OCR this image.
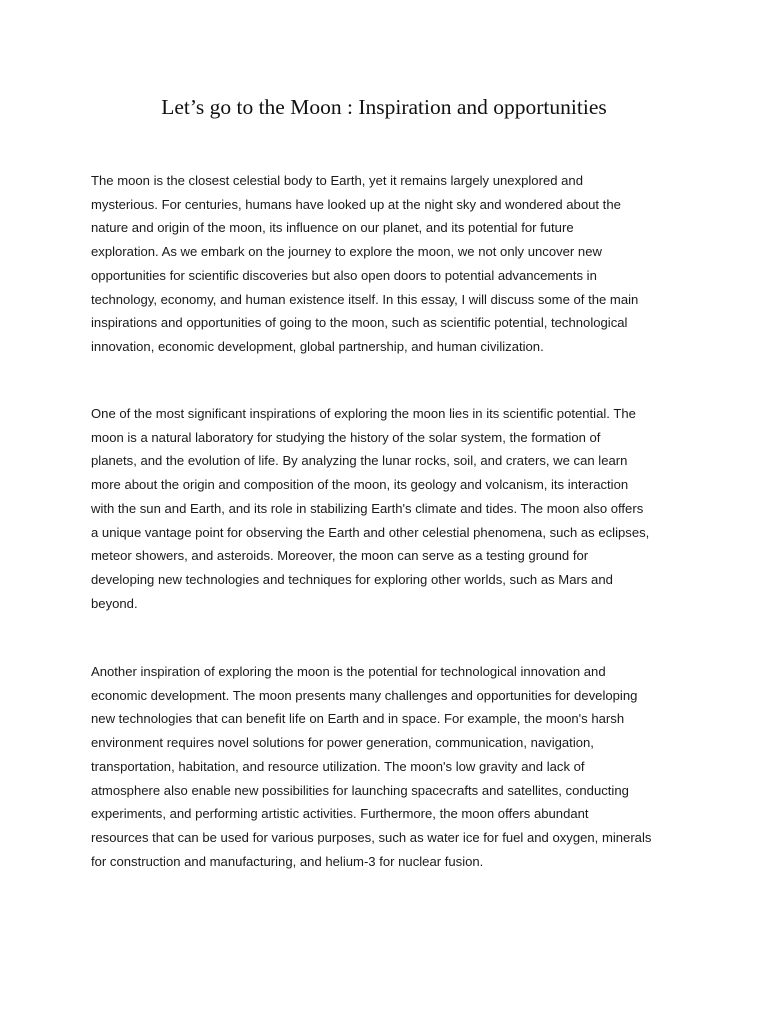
Let’s go to the Moon : Inspiration and opportunities

The moon is the closest celestial body to Earth, yet it remains largely unexplored and
mysterious. For centuries, humans have looked up at the night sky and wondered about the
nature and origin of the moon, its influence on our planet, and its potential for future
exploration. As we embark on the journey to explore the moon, we not only uncover new
opportunities for scientific discoveries but also open doors to potential advancements in
technology, economy, and human existence itself. In this essay, I will discuss some of the main
inspirations and opportunities of going to the moon, such as scientific potential, technological
innovation, economic development, global partnership, and human civilization.

One of the most significant inspirations of exploring the moon lies in its scientific potential. The
moon is a natural laboratory for studying the history of the solar system, the formation of
planets, and the evolution of life. By analyzing the lunar rocks, soil, and craters, we can learn
more about the origin and composition of the moon, its geology and volcanism, its interaction
with the sun and Earth, and its role in stabilizing Earth's climate and tides. The moon also offers
a unique vantage point for observing the Earth and other celestial phenomena, such as eclipses,
meteor showers, and asteroids. Moreover, the moon can serve as a testing ground for
developing new technologies and techniques for exploring other worlds, such as Mars and
beyond.

Another inspiration of exploring the moon is the potential for technological innovation and
economic development. The moon presents many challenges and opportunities for developing
new technologies that can benefit life on Earth and in space. For example, the moon's harsh
environment requires novel solutions for power generation, communication, navigation,
transportation, habitation, and resource utilization. The moon's low gravity and lack of
atmosphere also enable new possibilities for launching spacecrafts and satellites, conducting
experiments, and performing artistic activities. Furthermore, the moon offers abundant
resources that can be used for various purposes, such as water ice for fuel and oxygen, minerals
for construction and manufacturing, and helium-3 for nuclear fusion.
